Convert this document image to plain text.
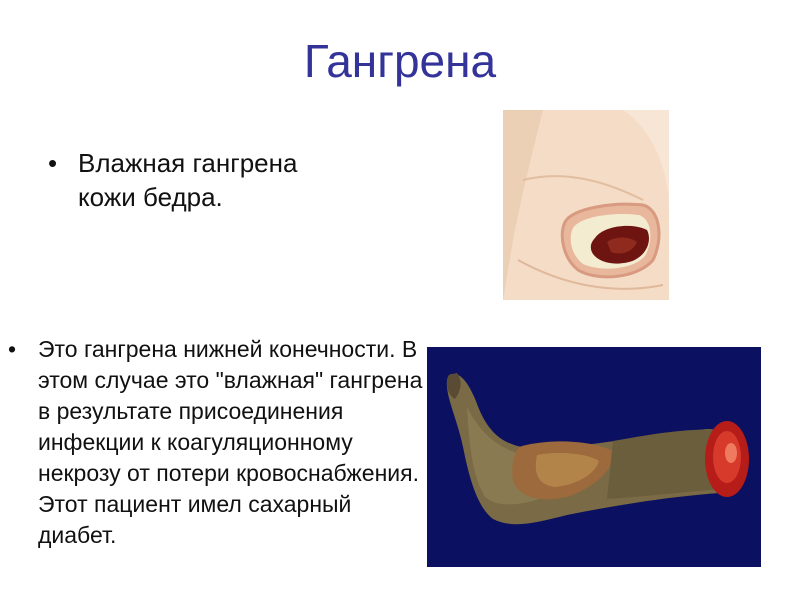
Гангрена
• Влажная гангрена кожи бедра.
• Это гангрена нижней конечности. В этом случае это "влажная" гангрена в результате присоединения инфекции к коагуляционному некрозу от потери кровоснабжения. Этот пациент имел сахарный диабет.
